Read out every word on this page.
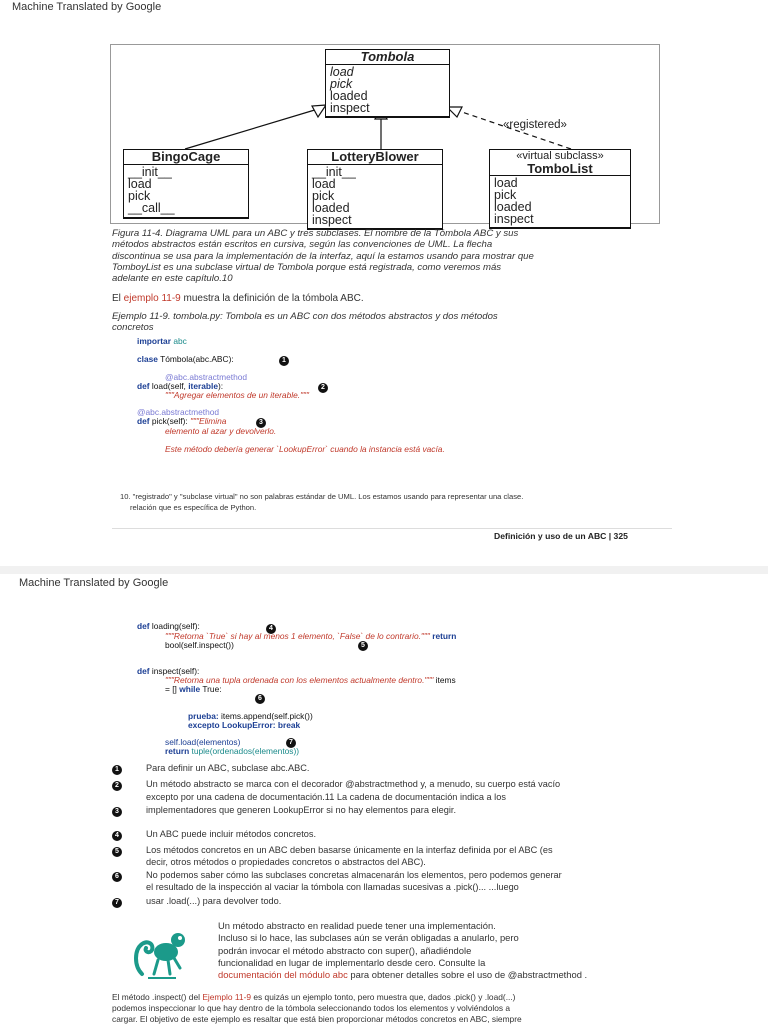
Machine Translated by Google
«registered»
Tombola
load
pick
loaded
inspect
BingoCage
__init__
load
pick
__call__
LotteryBlower
__init__
load
pick
loaded
inspect
«virtual subclass»
TomboList
load
pick
loaded
inspect
Figura 11-4. Diagrama UML para un ABC y tres subclases. El nombre de la Tómbola ABC y sus
métodos abstractos están escritos en cursiva, según las convenciones de UML. La flecha
discontinua se usa para la implementación de la interfaz, aquí la estamos usando para mostrar que
TomboyList es una subclase virtual de Tombola porque está registrada, como veremos más
adelante en este capítulo.10
El ejemplo 11-9 muestra la definición de la tómbola ABC.
Ejemplo 11-9. tombola.py: Tombola es un ABC con dos métodos abstractos y dos métodos
concretos
importar abc
clase Tómbola(abc.ABC):	1
@abc.abstractmethod
def load(self, iterable):	2
"""Agregar elementos de un iterable."""
@abc.abstractmethod
def pick(self): """Elimina	3
elemento al azar y devolverlo.
Este método debería generar `LookupError` cuando la instancia está vacía.
10. "registrado" y "subclase virtual" no son palabras estándar de UML. Los estamos usando para representar una clase.
relación que es específica de Python.
Definición y uso de un ABC | 325
Machine Translated by Google
def loading(self):	4
"""Retorna `True` si hay al menos 1 elemento, `False` de lo contrario.""" return
bool(self.inspect())	5
def inspect(self):
"""Retorna una tupla ordenada con los elementos actualmente dentro.""" items
= [] while True:
6
prueba: items.append(self.pick())
excepto LookupError: break
self.load(elementos)	7
return tuple(ordenados(elementos))
1	Para definir un ABC, subclase abc.ABC.
2	Un método abstracto se marca con el decorador @abstractmethod y, a menudo, su cuerpo está vacío
excepto por una cadena de documentación.11 La cadena de documentación indica a los
3	implementadores que generen LookupError si no hay elementos para elegir.
4	Un ABC puede incluir métodos concretos.
5	Los métodos concretos en un ABC deben basarse únicamente en la interfaz definida por el ABC (es
decir, otros métodos o propiedades concretos o abstractos del ABC).
6	No podemos saber cómo las subclases concretas almacenarán los elementos, pero podemos generar
el resultado de la inspección al vaciar la tómbola con llamadas sucesivas a .pick()... ...luego
7	usar .load(...) para devolver todo.
Un método abstracto en realidad puede tener una implementación.
Incluso si lo hace, las subclases aún se verán obligadas a anularlo, pero
podrán invocar el método abstracto con super(), añadiéndole
funcionalidad en lugar de implementarlo desde cero. Consulte la
documentación del módulo abc para obtener detalles sobre el uso de @abstractmethod .
El método .inspect() del Ejemplo 11-9 es quizás un ejemplo tonto, pero muestra que, dados .pick() y .load(...)
podemos inspeccionar lo que hay dentro de la tómbola seleccionando todos los elementos y volviéndolos a
cargar. El objetivo de este ejemplo es resaltar que está bien proporcionar métodos concretos en ABC, siempre
